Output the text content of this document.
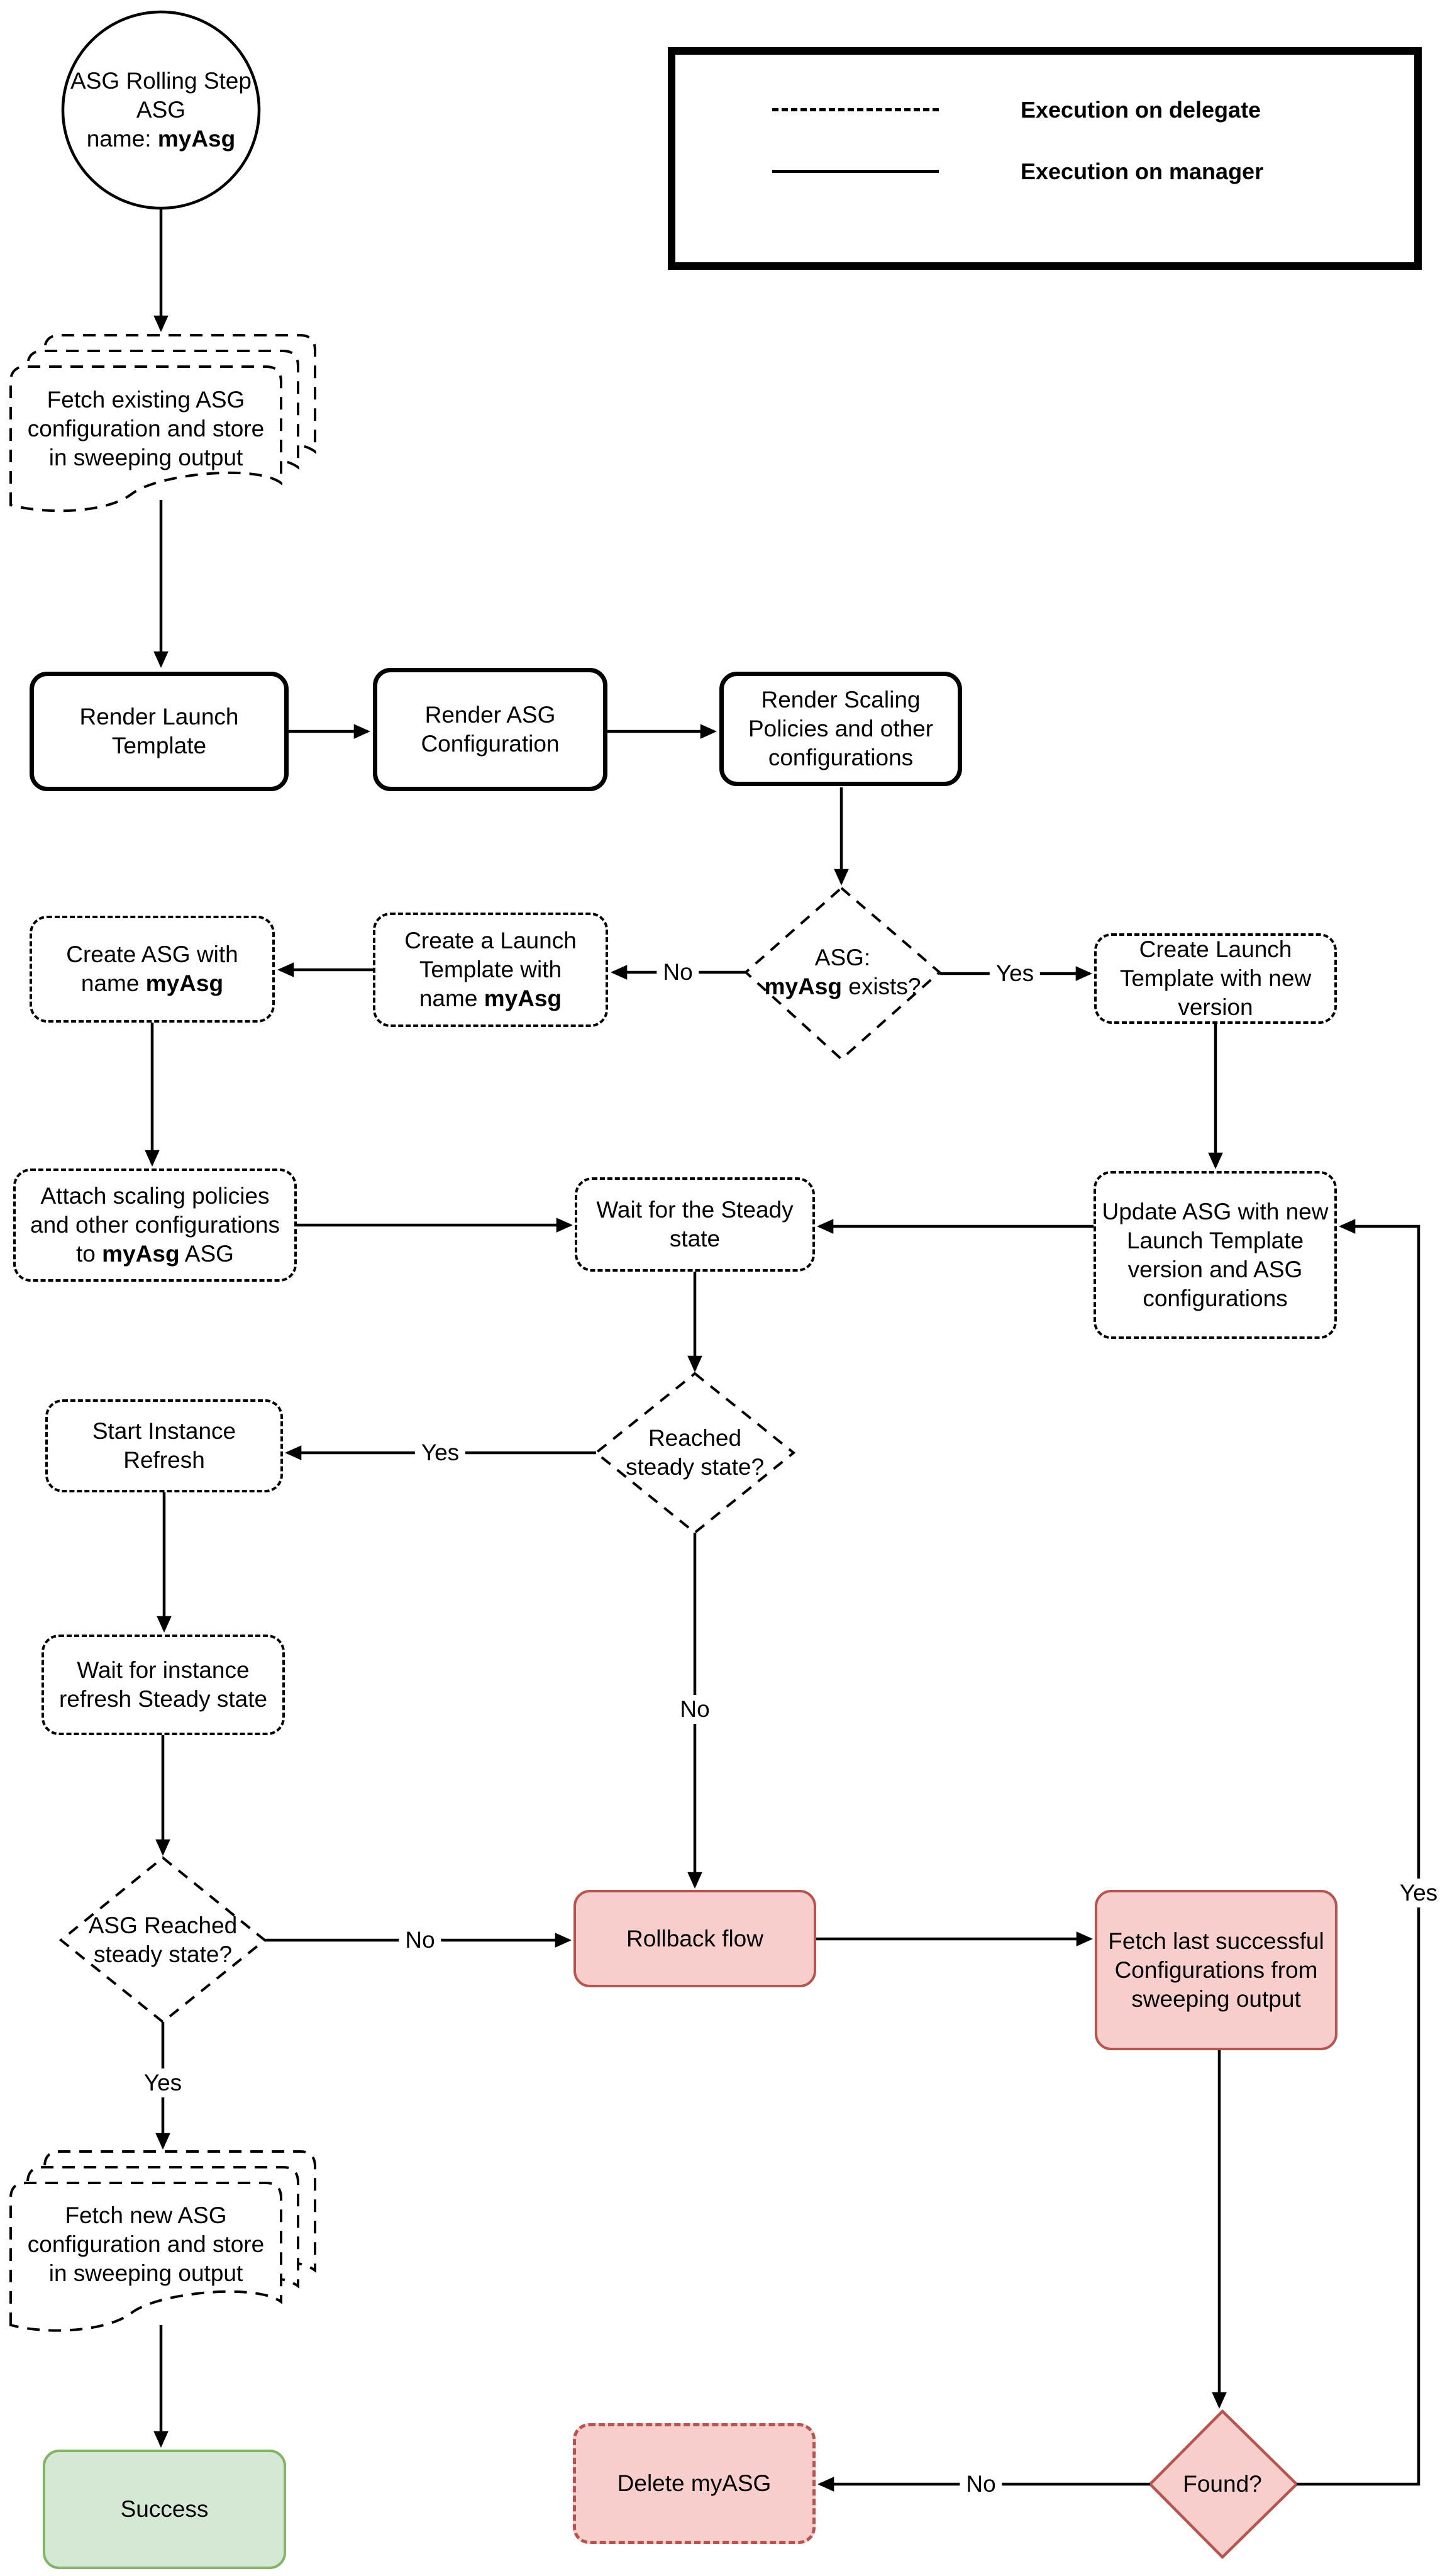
Execution on delegate
Execution on manager
ASG Rolling Step
ASG
name: myAsg
Fetch existing ASG
configuration and store
in sweeping output
Render Launch
Template
Render ASG
Configuration
Render Scaling
Policies and other
configurations
ASG:
myAsg exists?
Create a Launch
Template with
name myAsg
Create ASG with
name myAsg
Create Launch
Template with new
version
Attach scaling policies
and other configurations
to myAsg ASG
Wait for the Steady
state
Update ASG with new
Launch Template
version and ASG
configurations
Reached
steady state?
Start Instance
Refresh
Wait for instance
refresh Steady state
ASG Reached
steady state?
Rollback flow	Fetch last successful
Configurations from
sweeping output
Fetch new ASG
configuration and store
in sweeping output
Success
Delete myASG	Found?
No	Yes
Yes
No
No
Yes
No
Yes
